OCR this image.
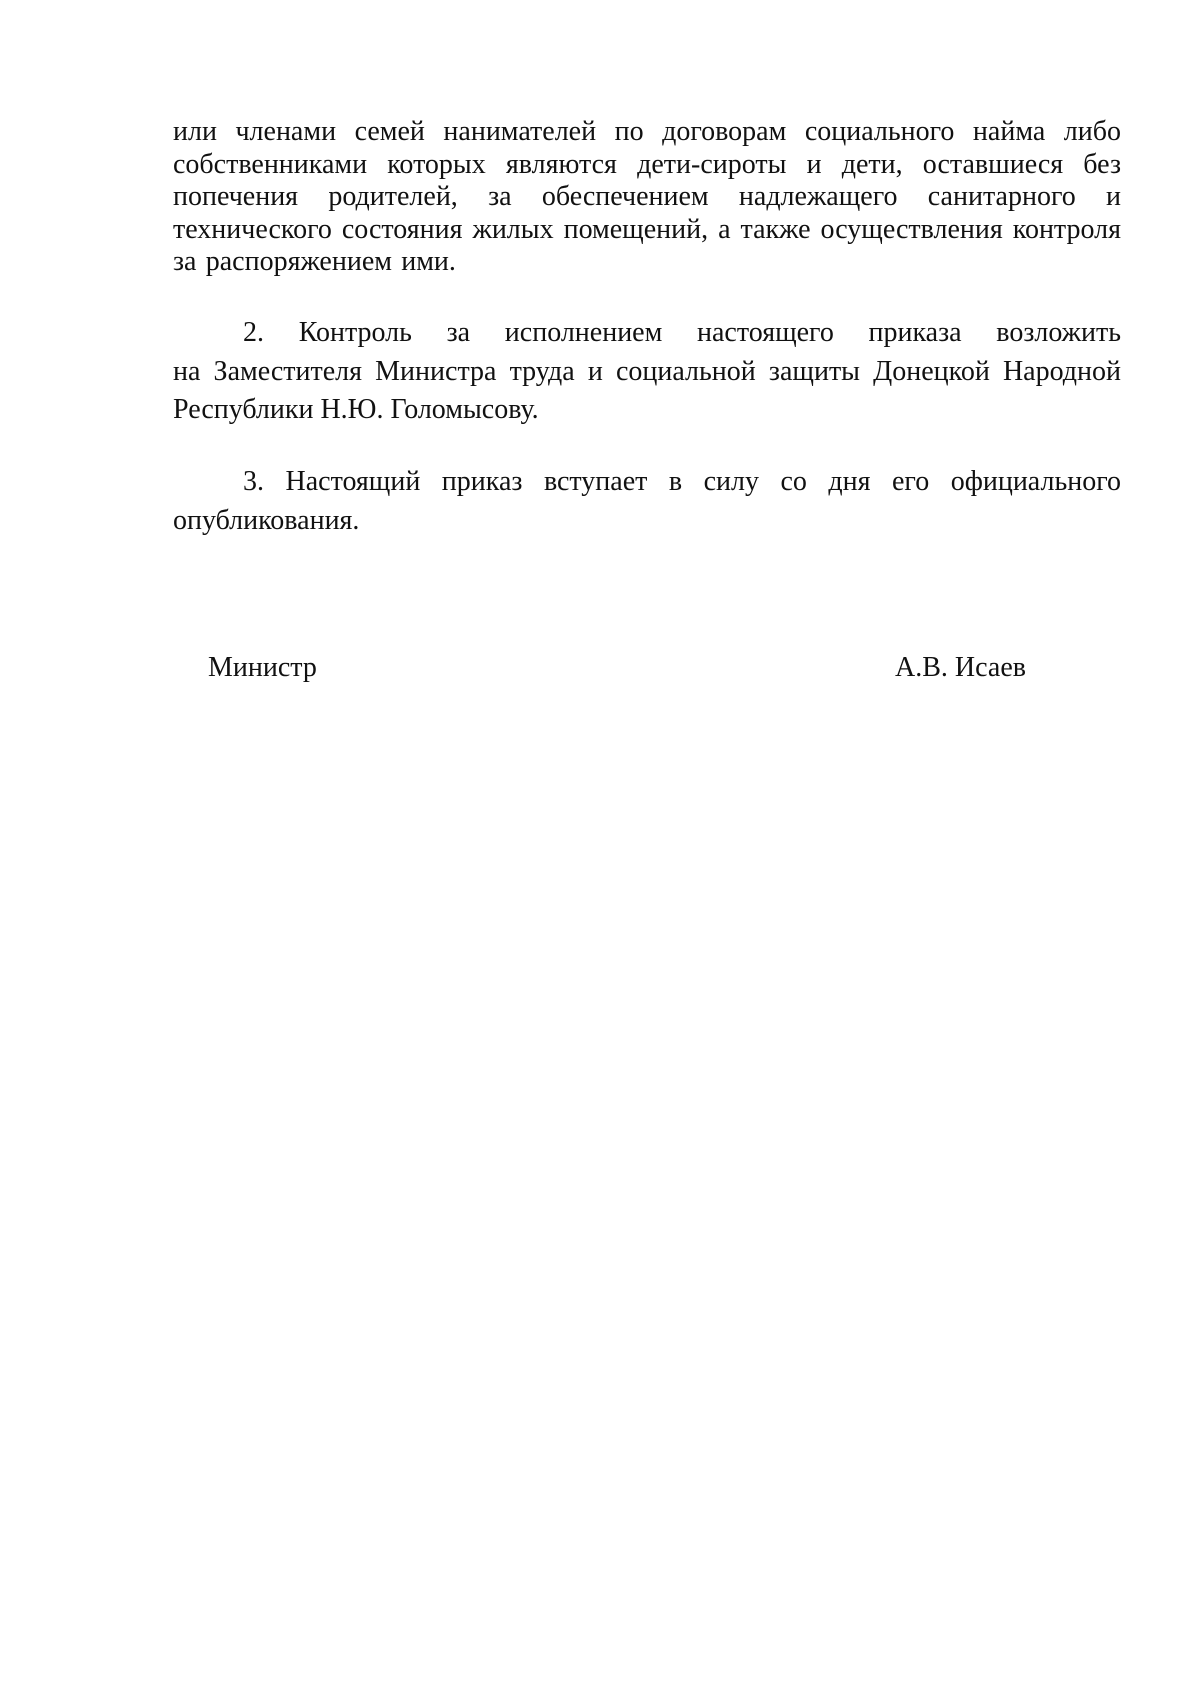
или членами семей нанимателей по договорам социального найма либо собственниками которых являются дети-сироты и дети, оставшиеся без попечения родителей, за обеспечением надлежащего санитарного и технического состояния жилых помещений, а также осуществления контроля за распоряжением ими.

2. Контроль за исполнением настоящего приказа возложить
на Заместителя Министра труда и социальной защиты Донецкой Народной Республики Н.Ю. Голомысову.

3. Настоящий приказ вступает в силу со дня его официального
опубликования.

Министр	А.В. Исаев
